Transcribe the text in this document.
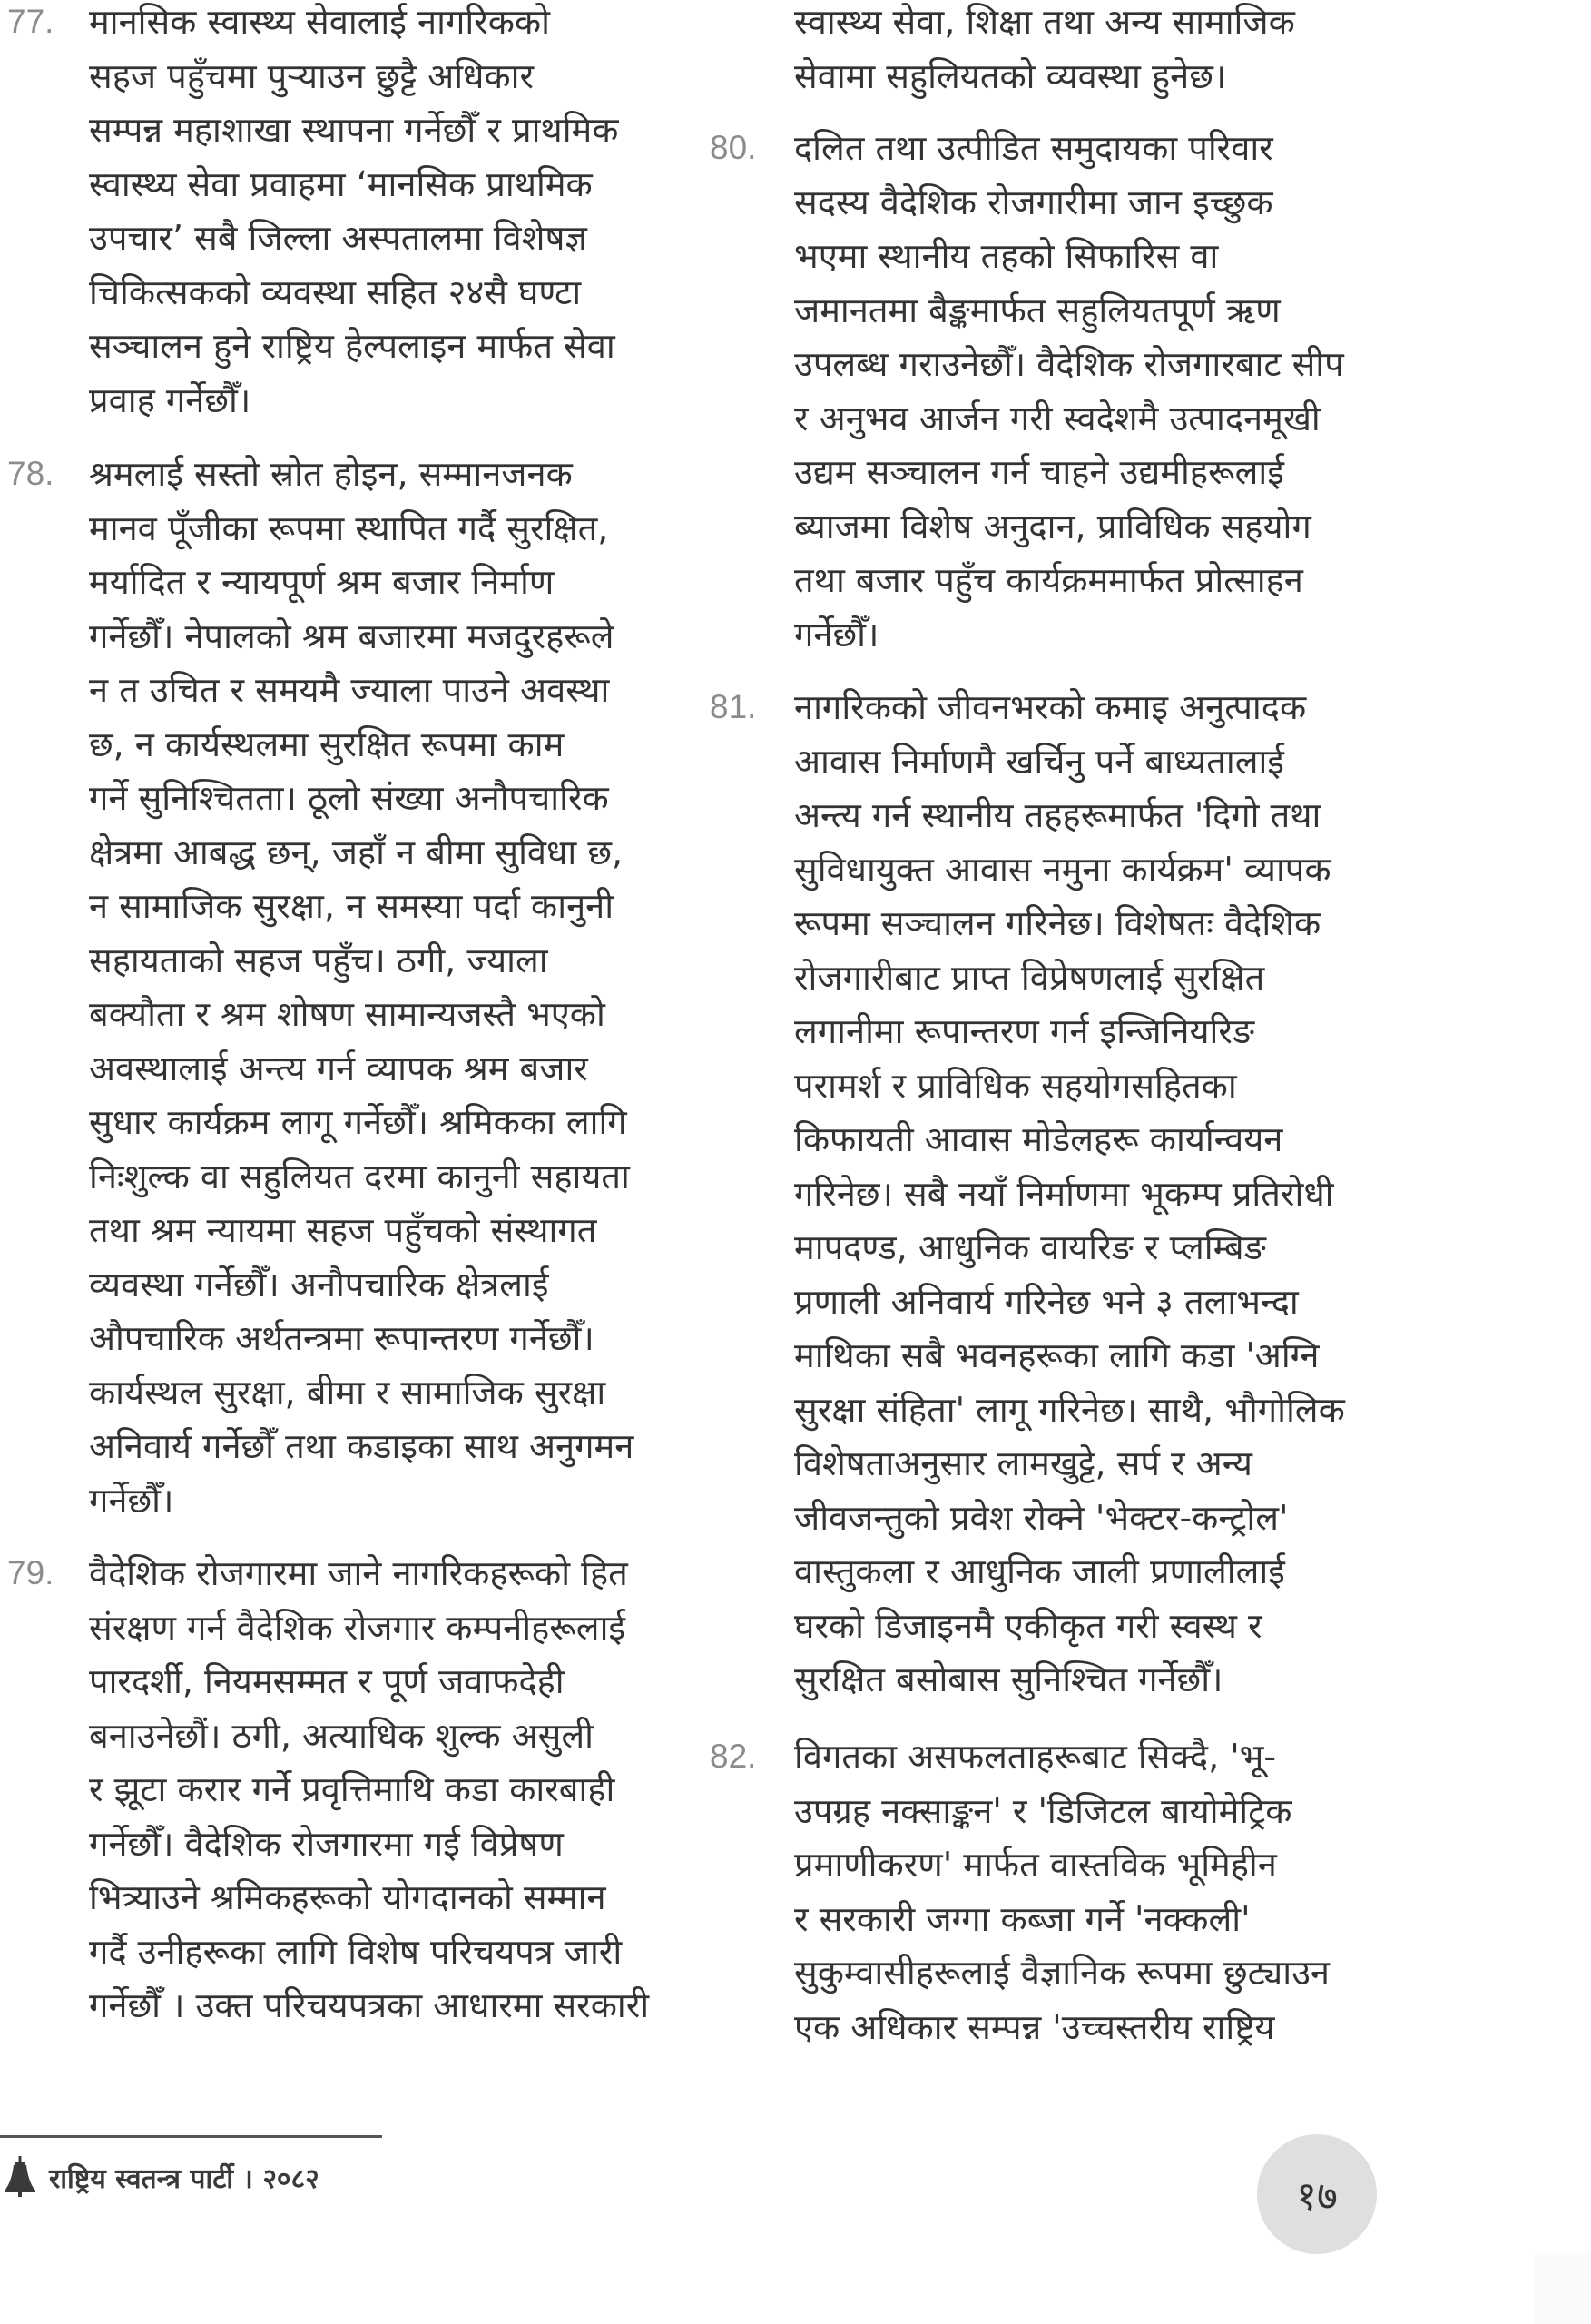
77. मानसिक स्वास्थ्य सेवालाई नागरिकको
सहज पहुँचमा पुर्‍याउन छुट्टै अधिकार
सम्पन्न महाशाखा स्थापना गर्नेछौँ र प्राथमिक
स्वास्थ्य सेवा प्रवाहमा ‘मानसिक प्राथमिक
उपचार’ सबै जिल्ला अस्पतालमा विशेषज्ञ
चिकित्सकको व्यवस्था सहित २४सै घण्टा
सञ्चालन हुने राष्ट्रिय हेल्पलाइन मार्फत सेवा
प्रवाह गर्नेछौँ।
78. श्रमलाई सस्तो स्रोत होइन, सम्मानजनक
मानव पूँजीका रूपमा स्थापित गर्दै सुरक्षित,
मर्यादित र न्यायपूर्ण श्रम बजार निर्माण
गर्नेछौँ। नेपालको श्रम बजारमा मजदुरहरूले
न त उचित र समयमै ज्याला पाउने अवस्था
छ, न कार्यस्थलमा सुरक्षित रूपमा काम
गर्ने सुनिश्चितता। ठूलो संख्या अनौपचारिक
क्षेत्रमा आबद्ध छन्, जहाँ न बीमा सुविधा छ,
न सामाजिक सुरक्षा, न समस्या पर्दा कानुनी
सहायताको सहज पहुँच। ठगी, ज्याला
बक्यौता र श्रम शोषण सामान्यजस्तै भएको
अवस्थालाई अन्त्य गर्न व्यापक श्रम बजार
सुधार कार्यक्रम लागू गर्नेछौँ। श्रमिकका लागि
निःशुल्क वा सहुलियत दरमा कानुनी सहायता
तथा श्रम न्यायमा सहज पहुँचको संस्थागत
व्यवस्था गर्नेछौँ। अनौपचारिक क्षेत्रलाई
औपचारिक अर्थतन्त्रमा रूपान्तरण गर्नेछौँ।
कार्यस्थल सुरक्षा, बीमा र सामाजिक सुरक्षा
अनिवार्य गर्नेछौँ तथा कडाइका साथ अनुगमन
गर्नेछौँ।
79. वैदेशिक रोजगारमा जाने नागरिकहरूको हित
संरक्षण गर्न वैदेशिक रोजगार कम्पनीहरूलाई
पारदर्शी, नियमसम्मत र पूर्ण जवाफदेही
बनाउनेछौं। ठगी, अत्याधिक शुल्क असुली
र झूटा करार गर्ने प्रवृत्तिमाथि कडा कारबाही
गर्नेछौँ। वैदेशिक रोजगारमा गई विप्रेषण
भित्र्याउने श्रमिकहरूको योगदानको सम्मान
गर्दै उनीहरूका लागि विशेष परिचयपत्र जारी
गर्नेछौँ । उक्त परिचयपत्रका आधारमा सरकारी
स्वास्थ्य सेवा, शिक्षा तथा अन्य सामाजिक
सेवामा सहुलियतको व्यवस्था हुनेछ।
80. दलित तथा उत्पीडित समुदायका परिवार
सदस्य वैदेशिक रोजगारीमा जान इच्छुक
भएमा स्थानीय तहको सिफारिस वा
जमानतमा बैङ्कमार्फत सहुलियतपूर्ण ऋण
उपलब्ध गराउनेछौँ। वैदेशिक रोजगारबाट सीप
र अनुभव आर्जन गरी स्वदेशमै उत्पादनमूखी
उद्यम सञ्चालन गर्न चाहने उद्यमीहरूलाई
ब्याजमा विशेष अनुदान, प्राविधिक सहयोग
तथा बजार पहुँच कार्यक्रममार्फत प्रोत्साहन
गर्नेछौँ।
81. नागरिकको जीवनभरको कमाइ अनुत्पादक
आवास निर्माणमै खर्चिनु पर्ने बाध्यतालाई
अन्त्य गर्न स्थानीय तहहरूमार्फत 'दिगो तथा
सुविधायुक्त आवास नमुना कार्यक्रम' व्यापक
रूपमा सञ्चालन गरिनेछ। विशेषतः वैदेशिक
रोजगारीबाट प्राप्त विप्रेषणलाई सुरक्षित
लगानीमा रूपान्तरण गर्न इन्जिनियरिङ
परामर्श र प्राविधिक सहयोगसहितका
किफायती आवास मोडेलहरू कार्यान्वयन
गरिनेछ। सबै नयाँ निर्माणमा भूकम्प प्रतिरोधी
मापदण्ड, आधुनिक वायरिङ र प्लम्बिङ
प्रणाली अनिवार्य गरिनेछ भने ३ तलाभन्दा
माथिका सबै भवनहरूका लागि कडा 'अग्नि
सुरक्षा संहिता' लागू गरिनेछ। साथै, भौगोलिक
विशेषताअनुसार लामखुट्टे, सर्प र अन्य
जीवजन्तुको प्रवेश रोक्ने 'भेक्टर-कन्ट्रोल'
वास्तुकला र आधुनिक जाली प्रणालीलाई
घरको डिजाइनमै एकीकृत गरी स्वस्थ र
सुरक्षित बसोबास सुनिश्चित गर्नेछौँ।
82. विगतका असफलताहरूबाट सिक्दै, 'भू-
उपग्रह नक्साङ्कन' र 'डिजिटल बायोमेट्रिक
प्रमाणीकरण' मार्फत वास्तविक भूमिहीन
र सरकारी जग्गा कब्जा गर्ने 'नक्कली'
सुकुम्वासीहरूलाई वैज्ञानिक रूपमा छुट्याउन
एक अधिकार सम्पन्न 'उच्चस्तरीय राष्ट्रिय
राष्ट्रिय स्वतन्त्र पार्टी । २०८२	१७
